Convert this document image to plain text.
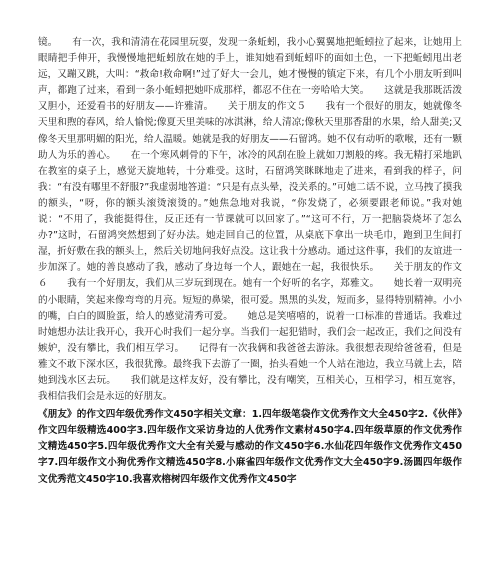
镜。　　有一次，我和清清在花园里玩耍，发现一条蚯蚓，我小心翼翼地把蚯蚓拉了起来，让她用上眼睛把手伸开，我慢慢地把蚯蚓放在她的手上，谁知她看到蚯蚓吓的面如土色，一下把蚯蚓甩出老远，又蹦又跳，大叫：“救命!救命啊!”过了好大一会儿，她才慢慢的镇定下来，有几个小朋友听到叫声，都跑了过来，看到一条小蚯蚓把她吓成那样，都忍不住在一旁哈哈大笑。　　这就是我那既活泼又胆小，还爱看书的好朋友——许雅清。　　关于朋友的作文５　　我有一个很好的朋友，她就像冬天里和煦的春风，给人愉悦;像夏天里美味的冰淇淋，给人清凉;像秋天里那香甜的水果，给人甜美;又像冬天里那明媚的阳光，给人温暖。她就是我的好朋友——石留鸿。她不仅有动听的歌喉，还有一颗助人为乐的善心。　　在一个寒风刺骨的下午，冰冷的风刮在脸上就如刀割般的疼。我无精打采地趴在教室的桌子上，感觉天旋地转，十分难受。这时，石留鸿笑眯眯地走了进来，看到我的样子，问我：“有没有哪里不舒服?”我虚弱地答道：“只是有点头晕，没关系的。”可她二话不说，立马拽了摸我的额头，“呀，你的额头滚烫滚烫的。”她焦急地对我说，“你发烧了，必须要跟老师说。”我对她说：“不用了，我能挺得住，反正还有一节课就可以回家了。”“这可不行，万一把脑袋烧坏了怎么办?”这时，石留鸿突然想到了好办法。她走回自己的位置，从桌底下拿出一块毛巾，跑到卫生间打湿，折好敷在我的额头上，然后关切地问我好点没。这让我十分感动。通过这件事，我们的友谊进一步加深了。她的善良感动了我，感动了身边每一个人，跟她在一起，我很快乐。　　关于朋友的作文６　　我有一个好朋友，我们从三岁玩到现在。她有一个好听的名字，郑雅文。　　她长着一双明亮的小眼睛，笑起来像弯弯的月亮。短短的鼻梁，很可爱。黑黑的头发，短而多，显得特别精神。小小的嘴，白白的圆脸蛋，给人的感觉清秀可爱。　　她总是笑嘻嘻的，说着一口标准的普通话。我难过时她想办法让我开心，我开心时我们一起分享。当我们一起犯错时，我们会一起改正，我们之间没有嫉妒，没有攀比，我们相互学习。　　记得有一次我俩和我爸爸去游泳。我很想表现给爸爸看，但是雅文不敢下深水区，我很犹豫。最终我下去游了一圈，抬头看她一个人站在池边，我立马就上去，陪她到浅水区去玩。　　我们就是这样友好，没有攀比，没有嘲笑，互相关心，互相学习，相互宽容，我相信我们会是永远的好朋友。

《朋友》的作文四年级优秀作文450字相关文章：1.四年级笔袋作文优秀作文大全450字2.《伙伴》作文四年级精选400字3.四年级作文采访身边的人优秀作文素材450字4.四年级草原的作文优秀作文精选450字5.四年级优秀作文大全有关爱与感动的作文450字6.水仙花四年级作文优秀作文450字7.四年级作文小狗优秀作文精选450字8.小麻雀四年级作文优秀作文大全450字9.汤圆四年级作文优秀范文450字10.我喜欢榕树四年级作文优秀作文450字
